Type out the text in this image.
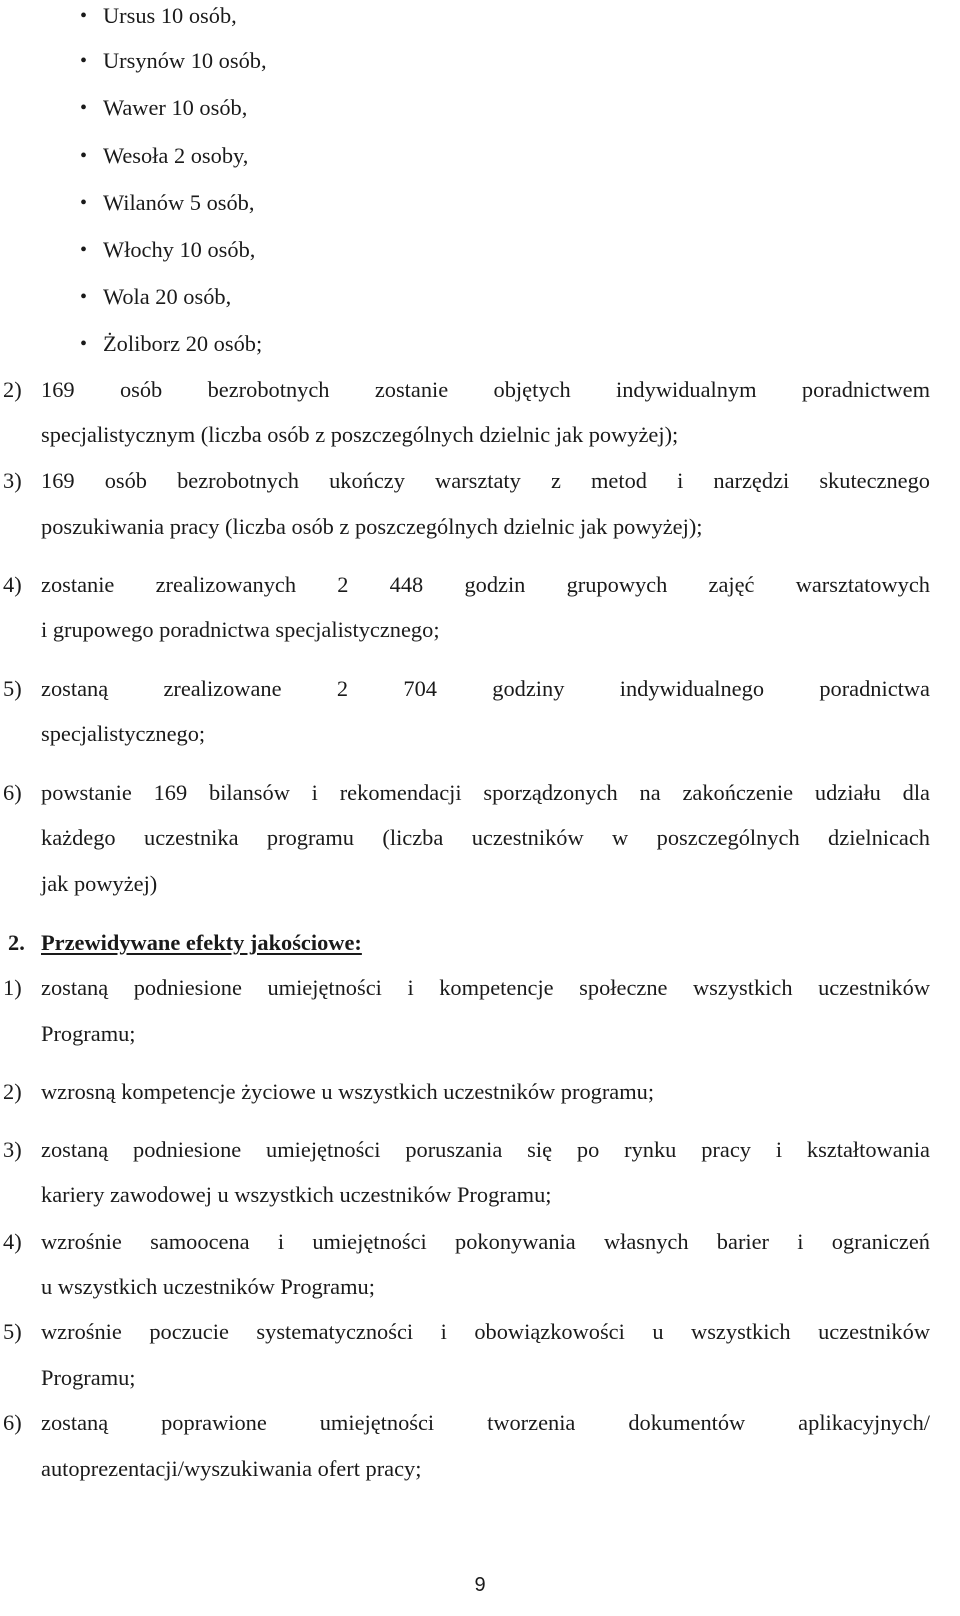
• Ursus 10 osób,
• Ursynów 10 osób,
• Wawer 10 osób,
• Wesoła 2 osoby,
• Wilanów 5 osób,
• Włochy 10 osób,
• Wola 20 osób,
• Żoliborz 20 osób;
2) 169 osób bezrobotnych zostanie objętych indywidualnym poradnictwem
specjalistycznym (liczba osób z poszczególnych dzielnic jak powyżej);
3) 169 osób bezrobotnych ukończy warsztaty z metod i narzędzi skutecznego
poszukiwania pracy (liczba osób z poszczególnych dzielnic jak powyżej);
4) zostanie zrealizowanych 2 448 godzin grupowych zajęć warsztatowych
i grupowego poradnictwa specjalistycznego;
5) zostaną zrealizowane 2 704 godziny indywidualnego poradnictwa
specjalistycznego;
6) powstanie 169 bilansów i rekomendacji sporządzonych na zakończenie udziału dla
każdego uczestnika programu (liczba uczestników w poszczególnych dzielnicach
jak powyżej)
2. Przewidywane efekty jakościowe:
1) zostaną podniesione umiejętności i kompetencje społeczne wszystkich uczestników
Programu;
2) wzrosną kompetencje życiowe u wszystkich uczestników programu;
3) zostaną podniesione umiejętności poruszania się po rynku pracy i kształtowania
kariery zawodowej u wszystkich uczestników Programu;
4) wzrośnie samoocena i umiejętności pokonywania własnych barier i ograniczeń
u wszystkich uczestników Programu;
5) wzrośnie poczucie systematyczności i obowiązkowości u wszystkich uczestników
Programu;
6) zostaną poprawione umiejętności tworzenia dokumentów aplikacyjnych/
autoprezentacji/wyszukiwania ofert pracy;
9
